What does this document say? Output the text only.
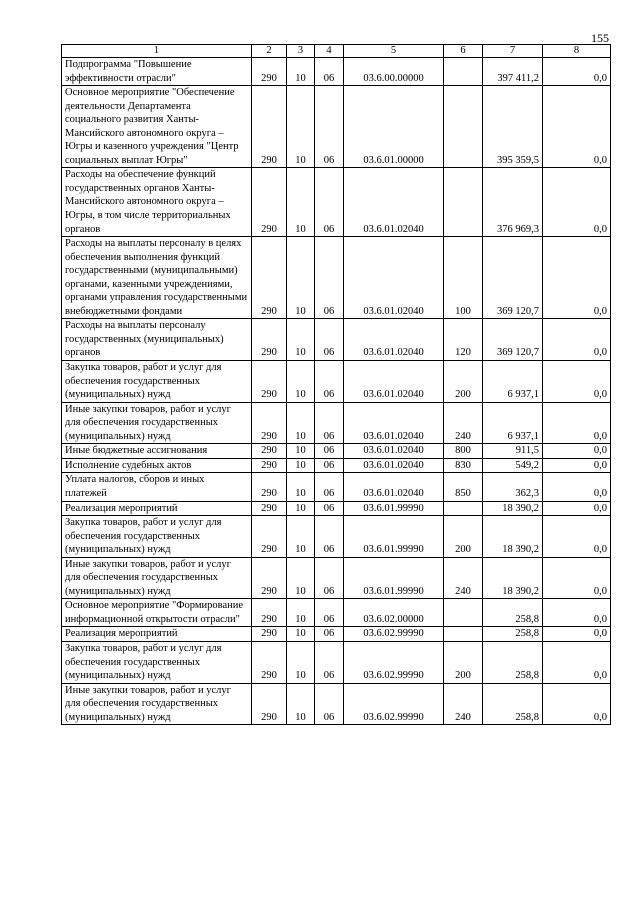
155
1	2	3	4	5	6	7	8
Подпрограмма "Повышение эффективности отрасли"	290	10	06	03.6.00.00000		397 411,2	0,0
Основное мероприятие "Обеспечение деятельности Департамента социального развития Ханты-Мансийского автономного округа – Югры и казенного учреждения "Центр социальных выплат Югры"	290	10	06	03.6.01.00000		395 359,5	0,0
Расходы на обеспечение функций государственных органов Ханты-Мансийского автономного округа – Югры, в том числе территориальных органов	290	10	06	03.6.01.02040		376 969,3	0,0
Расходы на выплаты персоналу в целях обеспечения выполнения функций государственными (муниципальными) органами, казенными учреждениями, органами управления государственными внебюджетными фондами	290	10	06	03.6.01.02040	100	369 120,7	0,0
Расходы на выплаты персоналу государственных (муниципальных) органов	290	10	06	03.6.01.02040	120	369 120,7	0,0
Закупка товаров, работ и услуг для обеспечения государственных (муниципальных) нужд	290	10	06	03.6.01.02040	200	6 937,1	0,0
Иные закупки товаров, работ и услуг для обеспечения государственных (муниципальных) нужд	290	10	06	03.6.01.02040	240	6 937,1	0,0
Иные бюджетные ассигнования	290	10	06	03.6.01.02040	800	911,5	0,0
Исполнение судебных актов	290	10	06	03.6.01.02040	830	549,2	0,0
Уплата налогов, сборов и иных платежей	290	10	06	03.6.01.02040	850	362,3	0,0
Реализация мероприятий	290	10	06	03.6.01.99990		18 390,2	0,0
Закупка товаров, работ и услуг для обеспечения государственных (муниципальных) нужд	290	10	06	03.6.01.99990	200	18 390,2	0,0
Иные закупки товаров, работ и услуг для обеспечения государственных (муниципальных) нужд	290	10	06	03.6.01.99990	240	18 390,2	0,0
Основное мероприятие "Формирование информационной открытости отрасли"	290	10	06	03.6.02.00000		258,8	0,0
Реализация мероприятий	290	10	06	03.6.02.99990		258,8	0,0
Закупка товаров, работ и услуг для обеспечения государственных (муниципальных) нужд	290	10	06	03.6.02.99990	200	258,8	0,0
Иные закупки товаров, работ и услуг для обеспечения государственных (муниципальных) нужд	290	10	06	03.6.02.99990	240	258,8	0,0
